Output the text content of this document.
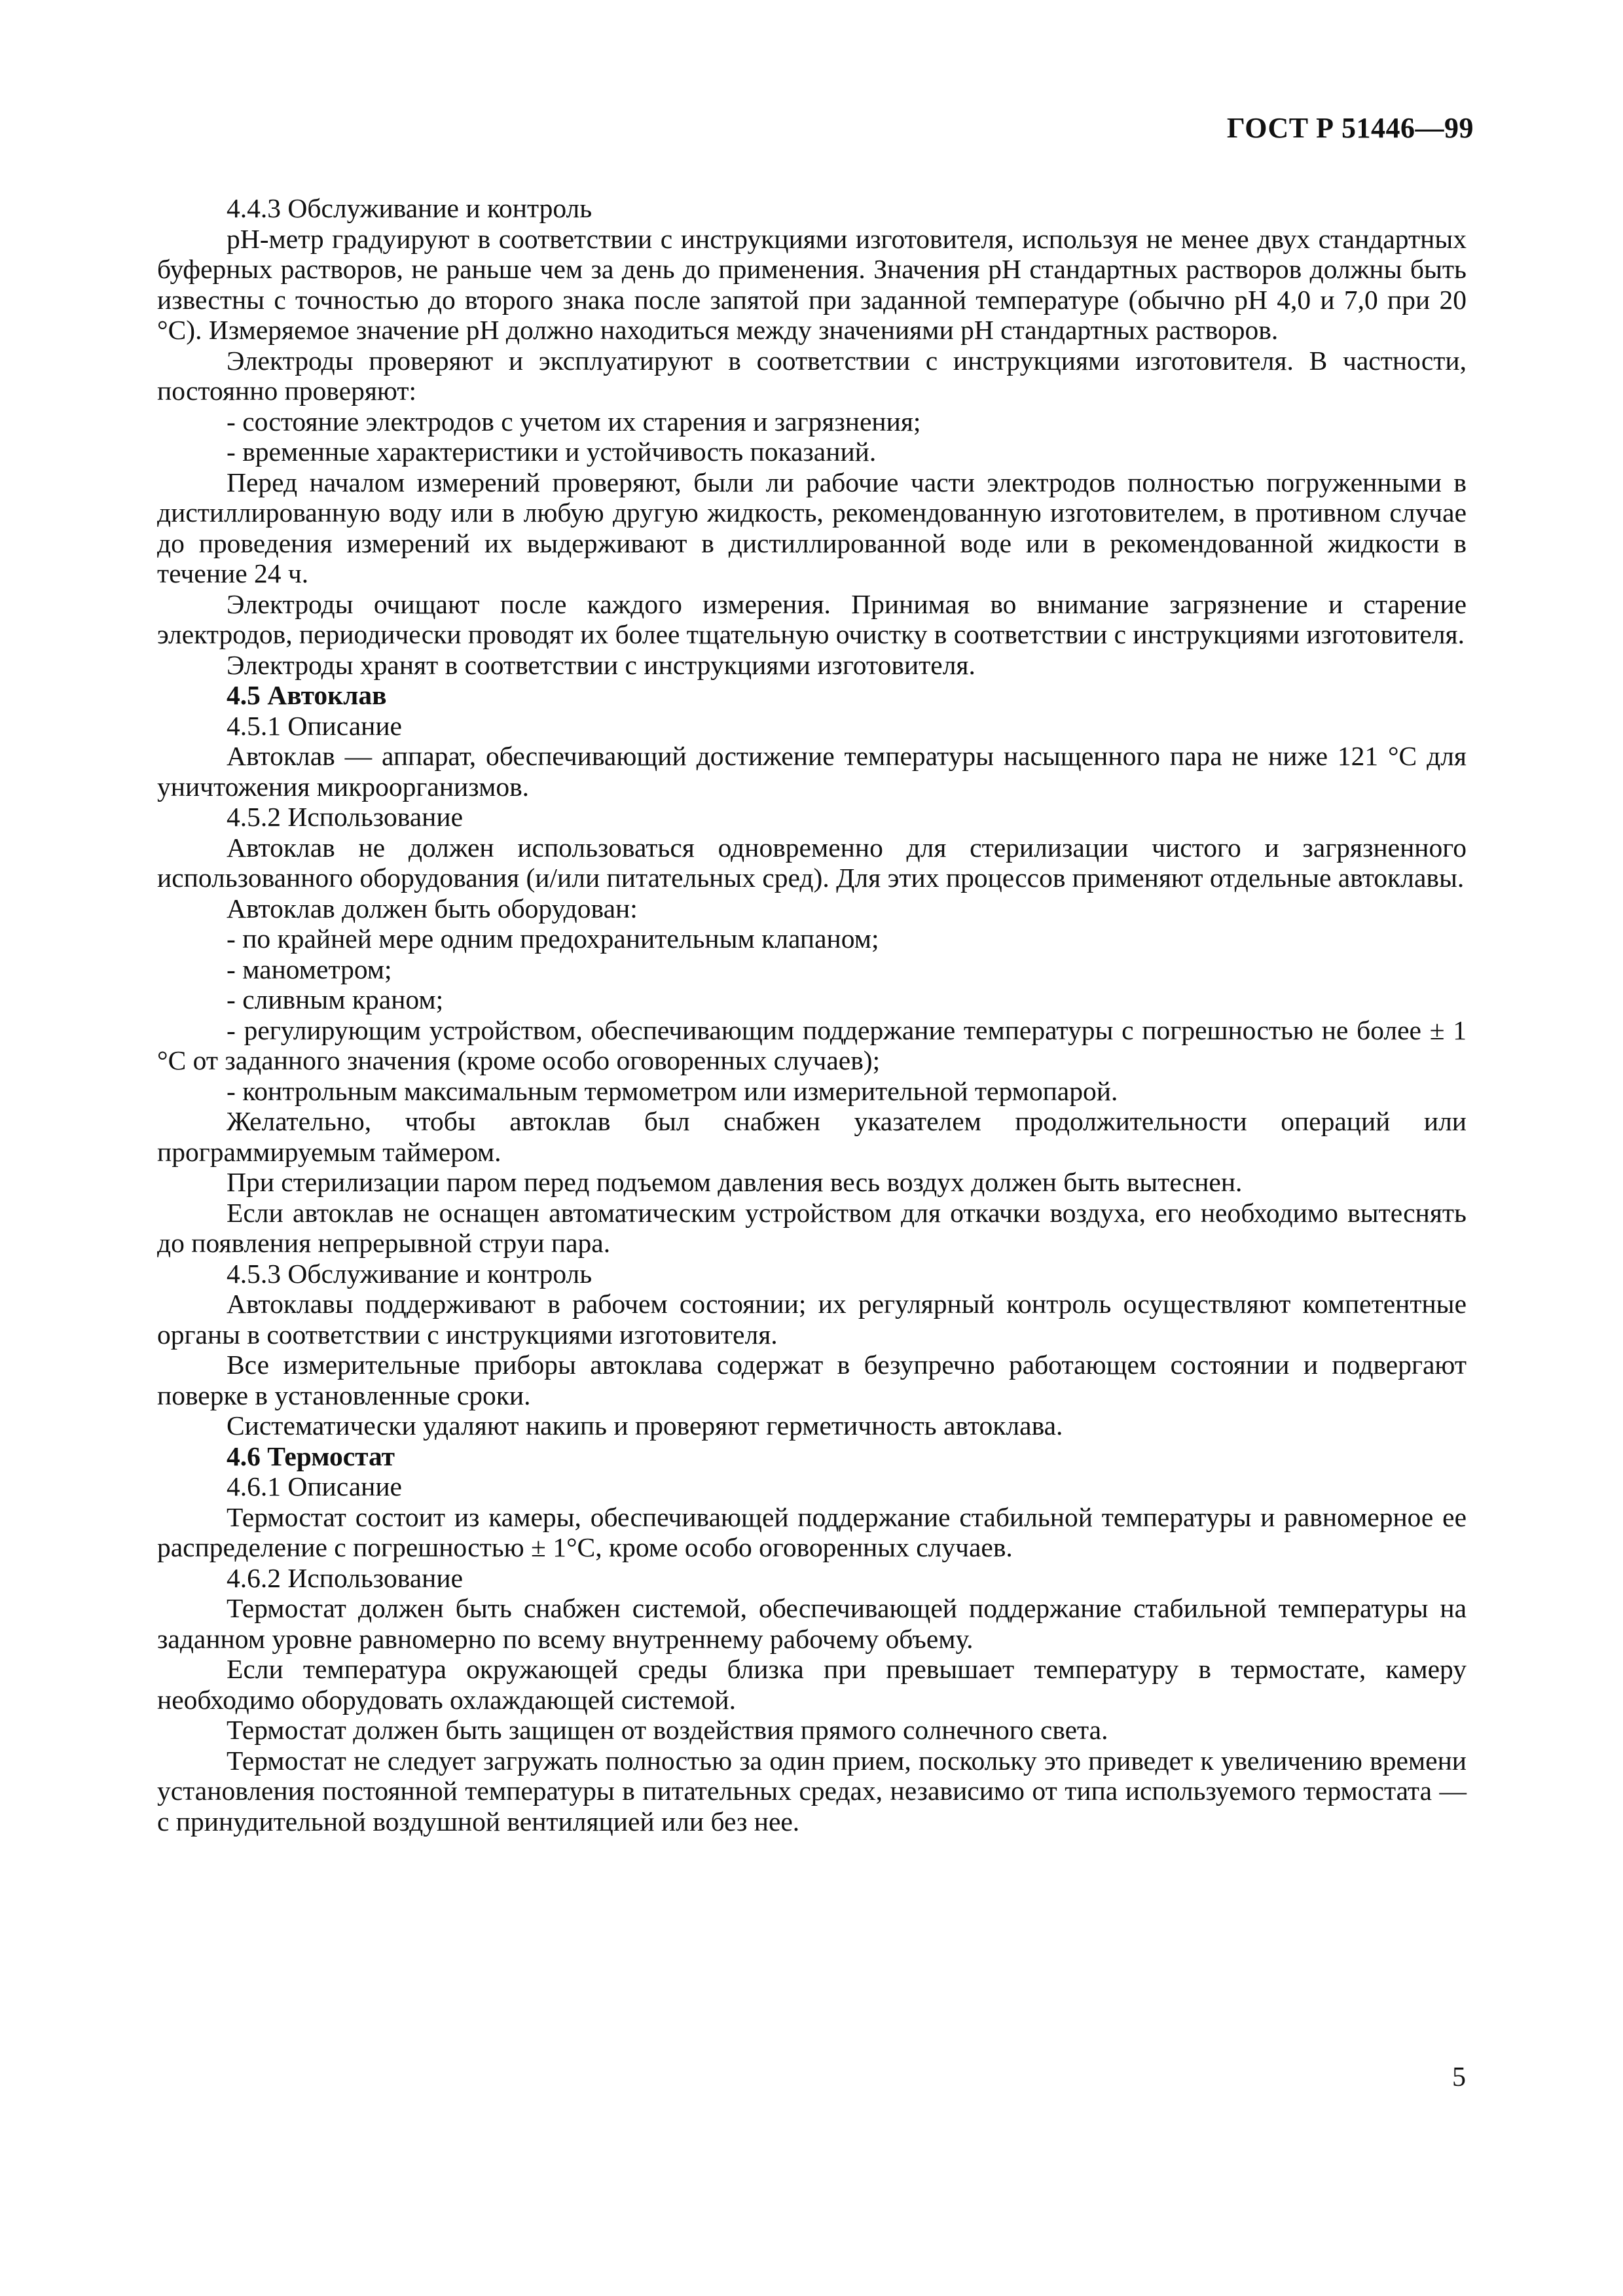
ГОСТ Р 51446—99

4.4.3 Обслуживание и контроль

рН-метр градуируют в соответствии с инструкциями изготовителя, используя не менее двух стандартных буферных растворов, не раньше чем за день до применения. Значения рН стандартных растворов должны быть известны с точностью до второго знака после запятой при заданной температуре (обычно рН 4,0 и 7,0 при 20 °С). Измеряемое значение рН должно находиться между значениями рН стандартных растворов.

Электроды проверяют и эксплуатируют в соответствии с инструкциями изготовителя. В частности, постоянно проверяют:

- состояние электродов с учетом их старения и загрязнения;

- временные характеристики и устойчивость показаний.

Перед началом измерений проверяют, были ли рабочие части электродов полностью погруженными в дистиллированную воду или в любую другую жидкость, рекомендованную изготовителем, в противном случае до проведения измерений их выдерживают в дистиллированной воде или в рекомендованной жидкости в течение 24 ч.

Электроды очищают после каждого измерения. Принимая во внимание загрязнение и старение электродов, периодически проводят их более тщательную очистку в соответствии с инструкциями изготовителя.

Электроды хранят в соответствии с инструкциями изготовителя.

4.5 Автоклав

4.5.1 Описание

Автоклав — аппарат, обеспечивающий достижение температуры насыщенного пара не ниже 121 °С для уничтожения микроорганизмов.

4.5.2 Использование

Автоклав не должен использоваться одновременно для стерилизации чистого и загрязненного использованного оборудования (и/или питательных сред). Для этих процессов применяют отдельные автоклавы.

Автоклав должен быть оборудован:

- по крайней мере одним предохранительным клапаном;

- манометром;

- сливным краном;

- регулирующим устройством, обеспечивающим поддержание температуры с погрешностью не более ± 1 °С от заданного значения (кроме особо оговоренных случаев);

- контрольным максимальным термометром или измерительной термопарой.

Желательно, чтобы автоклав был снабжен указателем продолжительности операций или программируемым таймером.

При стерилизации паром перед подъемом давления весь воздух должен быть вытеснен.

Если автоклав не оснащен автоматическим устройством для откачки воздуха, его необходимо вытеснять до появления непрерывной струи пара.

4.5.3 Обслуживание и контроль

Автоклавы поддерживают в рабочем состоянии; их регулярный контроль осуществляют компетентные органы в соответствии с инструкциями изготовителя.

Все измерительные приборы автоклава содержат в безупречно работающем состоянии и подвергают поверке в установленные сроки.

Систематически удаляют накипь и проверяют герметичность автоклава.

4.6 Термостат

4.6.1 Описание

Термостат состоит из камеры, обеспечивающей поддержание стабильной температуры и равномерное ее распределение с погрешностью ± 1°С, кроме особо оговоренных случаев.

4.6.2 Использование

Термостат должен быть снабжен системой, обеспечивающей поддержание стабильной температуры на заданном уровне равномерно по всему внутреннему рабочему объему.

Если температура окружающей среды близка при превышает температуру в термостате, камеру необходимо оборудовать охлаждающей системой.

Термостат должен быть защищен от воздействия прямого солнечного света.

Термостат не следует загружать полностью за один прием, поскольку это приведет к увеличению времени установления постоянной температуры в питательных средах, независимо от типа используемого термостата — с принудительной воздушной вентиляцией или без нее.

5
